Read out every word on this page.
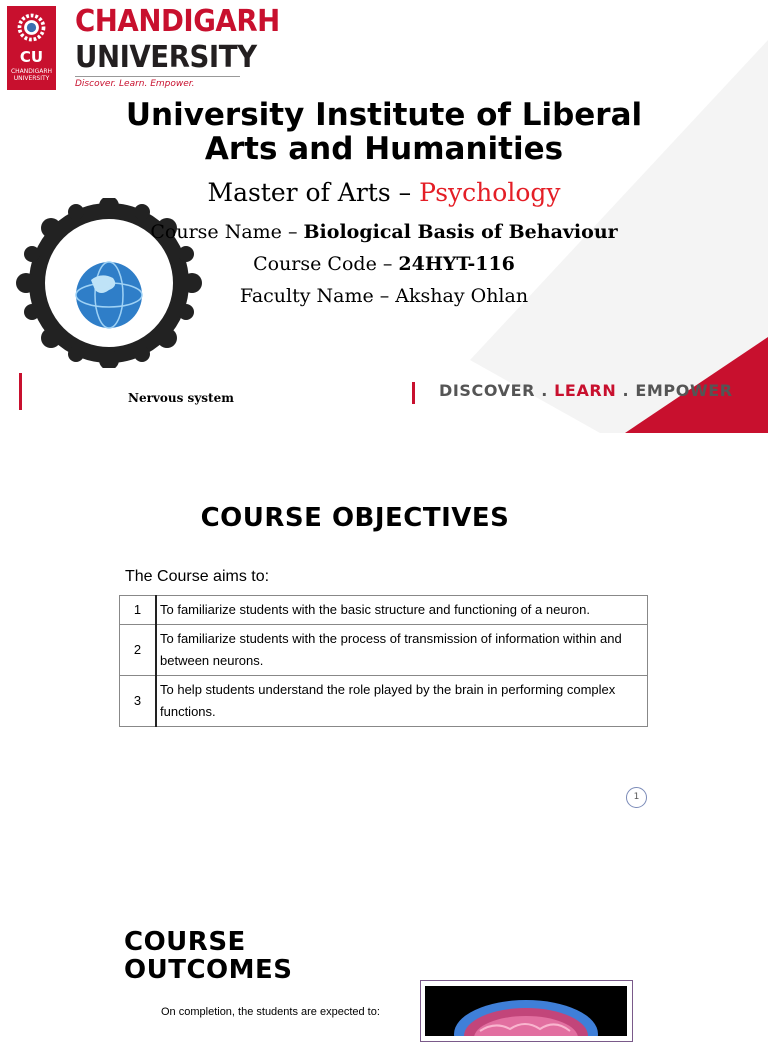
CU
CHANDIGARH UNIVERSITY
CHANDIGARH
UNIVERSITY
Discover. Learn. Empower.
University Institute of Liberal Arts and Humanities
Master of Arts – Psychology
Course Name – Biological Basis of Behaviour
Course Code – 24HYT-116
Faculty Name – Akshay Ohlan
Nervous system	DISCOVER . LEARN . EMPOWER
COURSE OBJECTIVES
The Course aims to:
1	To familiarize students with the basic structure and functioning of a neuron.
2	To familiarize students with the process of transmission of information within and between neurons.
3	To help students understand the role played by the brain in performing complex functions.
1
COURSE
OUTCOMES
On completion, the students are expected to:
